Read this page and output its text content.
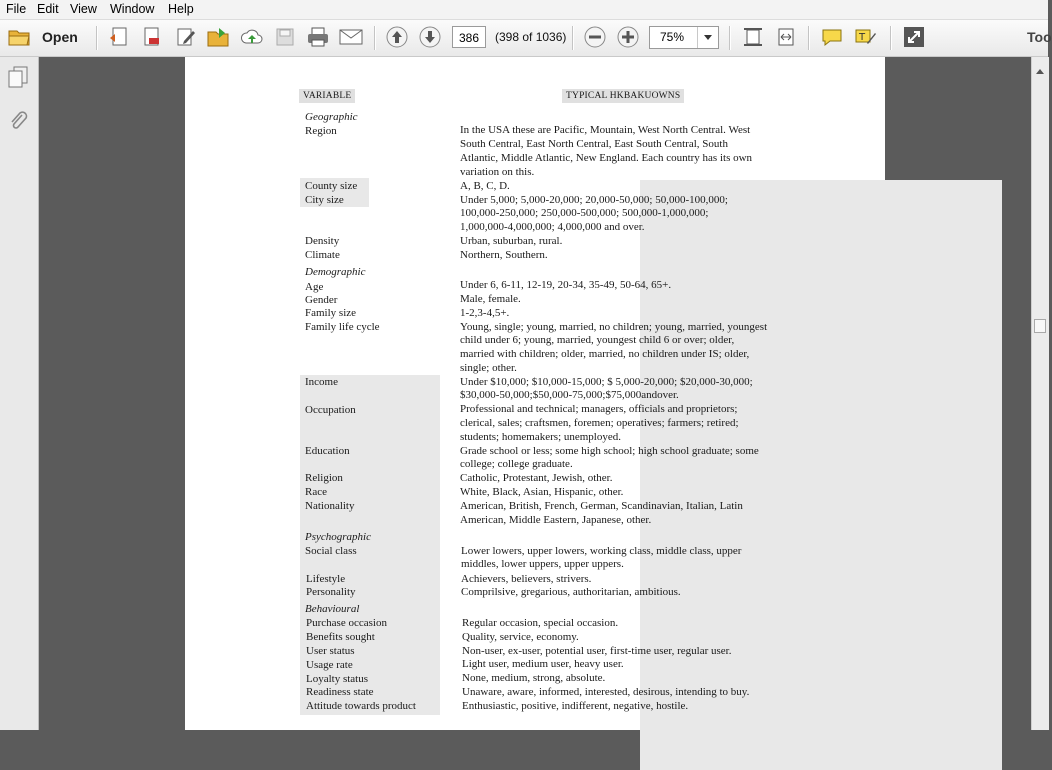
File Edit View Window Help
Open	386	(398 of 1036)	75%	T	Too
VARIABLE	TYPICAL HKBAKUOWNS
Geographic
Demographic
Psychographic
Behavioural
Region	In the USA these are Pacific, Mountain, West North Central. West
South Central, East North Central, East South Central, South
Atlantic, Middle Atlantic, New England. Each country has its own
variation on this.
County size	A, B, C, D.
City size	Under 5,000; 5,000-20,000; 20,000-50,000; 50,000-100,000;
100,000-250,000; 250,000-500,000; 500,000-1,000,000;
1,000,000-4,000,000; 4,000,000 and over.
Density	Urban, suburban, rural.
Climate	Northern, Southern.
Age	Under 6, 6-11, 12-19, 20-34, 35-49, 50-64, 65+.
Gender	Male, female.
Family size	1-2,3-4,5+.
Family life cycle	Young, single; young, married, no children; young, married, youngest
child under 6; young, married, youngest child 6 or over; older,
married with children; older, married, no children under IS; older,
single; other.
Income	Under $10,000; $10,000-15,000; $ 5,000-20,000; $20,000-30,000;
$30,000-50,000;$50,000-75,000;$75,000andover.
Occupation	Professional and technical; managers, officials and proprietors;
clerical, sales; craftsmen, foremen; operatives; farmers; retired;
students; homemakers; unemployed.
Education	Grade school or less; some high school; high school graduate; some
college; college graduate.
Religion	Catholic, Protestant, Jewish, other.
Race	White, Black, Asian, Hispanic, other.
Nationality	American, British, French, German, Scandinavian, Italian, Latin
American, Middle Eastern, Japanese, other.
Social class	Lower lowers, upper lowers, working class, middle class, upper
middles, lower uppers, upper uppers.
Lifestyle	Achievers, believers, strivers.
Personality	Comprilsive, gregarious, authoritarian, ambitious.
Purchase occasion	Regular occasion, special occasion.
Benefits sought	Quality, service, economy.
User status	Non-user, ex-user, potential user, first-time user, regular user.
Usage rate	Light user, medium user, heavy user.
Loyalty status	None, medium, strong, absolute.
Readiness state	Unaware, aware, informed, interested, desirous, intending to buy.
Attitude towards product	Enthusiastic, positive, indifferent, negative, hostile.
